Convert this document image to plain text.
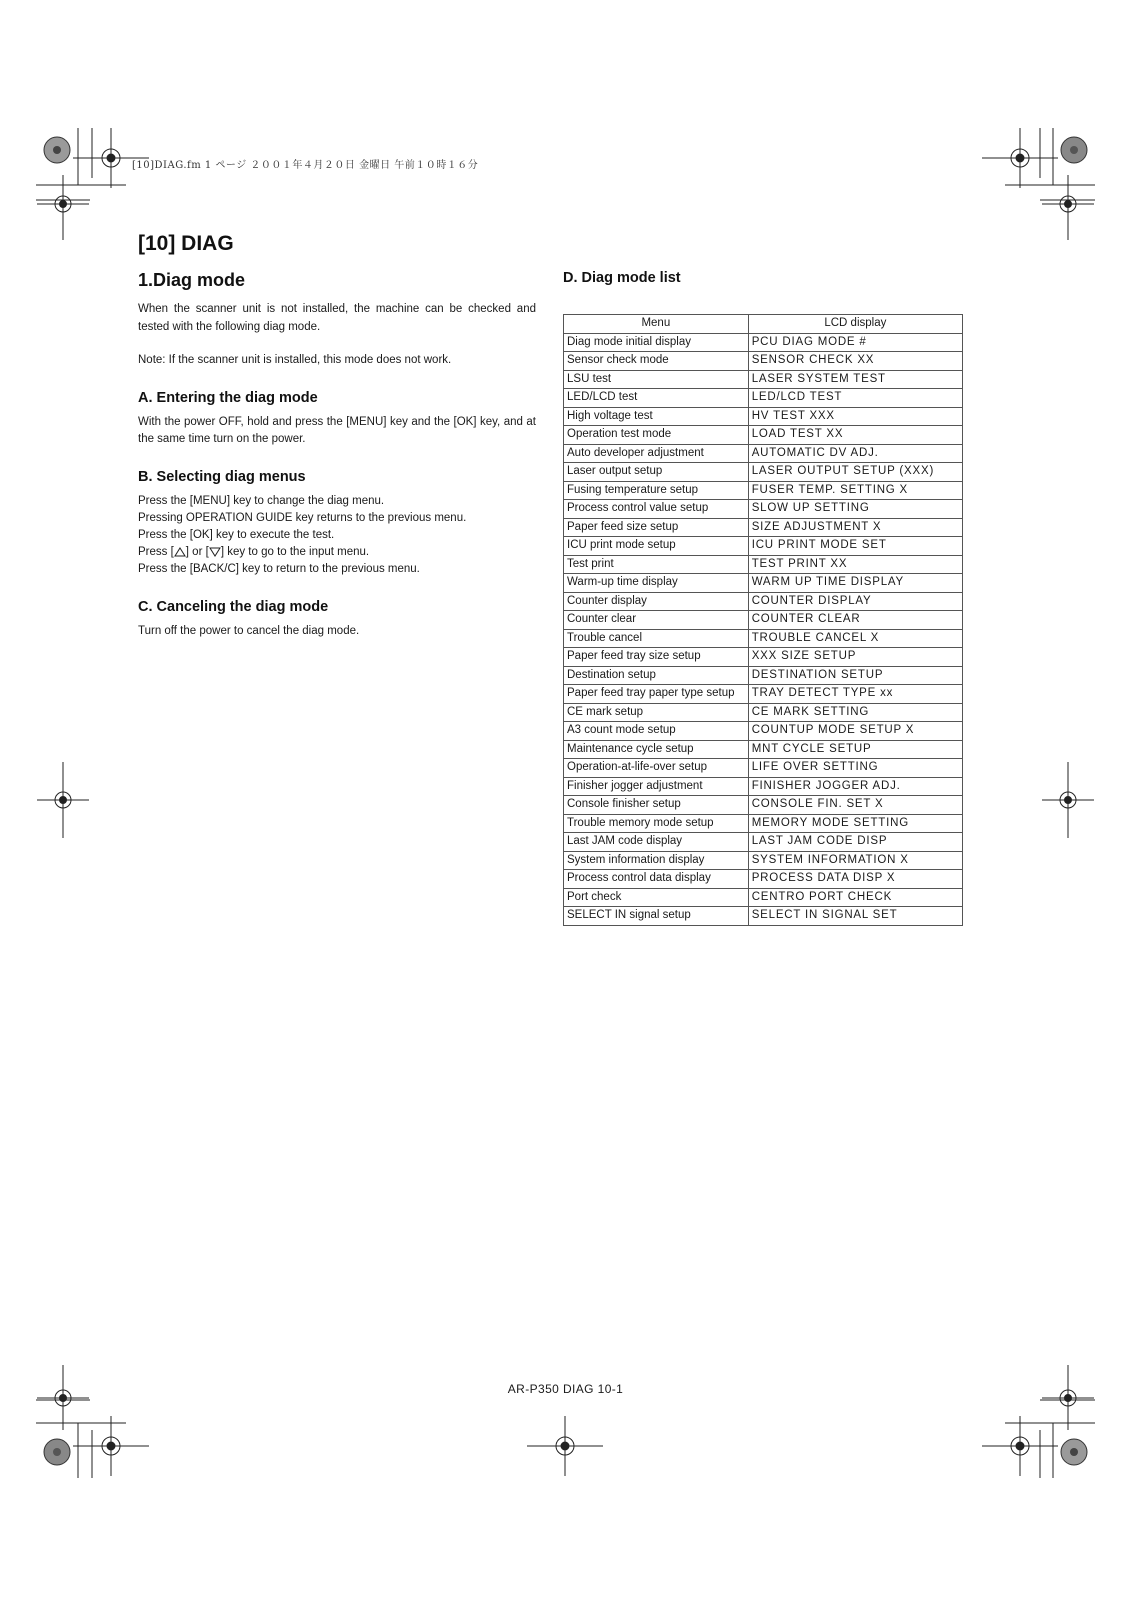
[10]DIAG.fm 1 ページ ２００１年４月２０日 金曜日 午前１０時１６分
[10] DIAG
1.Diag mode

When the scanner unit is not installed, the machine can be checked and tested with the following diag mode.

Note: If the scanner unit is installed, this mode does not work.

A. Entering the diag mode

With the power OFF, hold and press the [MENU] key and the [OK] key, and at the same time turn on the power.

B. Selecting diag menus
Press the [MENU] key to change the diag menu.
Pressing OPERATION GUIDE key returns to the previous menu.
Press the [OK] key to execute the test.
Press [ ] or [ ] key to go to the input menu.
Press the [BACK/C] key to return to the previous menu.
C. Canceling the diag mode

Turn off the power to cancel the diag mode.

D. Diag mode list
Menu	LCD display
Diag mode initial display	PCU DIAG MODE #
Sensor check mode	SENSOR CHECK XX
LSU test	LASER SYSTEM TEST
LED/LCD test	LED/LCD TEST
High voltage test	HV TEST XXX
Operation test mode	LOAD TEST XX
Auto developer adjustment	AUTOMATIC DV ADJ.
Laser output setup	LASER OUTPUT SETUP (XXX)
Fusing temperature setup	FUSER TEMP. SETTING X
Process control value setup	SLOW UP SETTING
Paper feed size setup	SIZE ADJUSTMENT X
ICU print mode setup	ICU PRINT MODE SET
Test print	TEST PRINT XX
Warm-up time display	WARM UP TIME DISPLAY
Counter display	COUNTER DISPLAY
Counter clear	COUNTER CLEAR
Trouble cancel	TROUBLE CANCEL X
Paper feed tray size setup	XXX SIZE SETUP
Destination setup	DESTINATION SETUP
Paper feed tray paper type setup	TRAY DETECT TYPE xx
CE mark setup	CE MARK SETTING
A3 count mode setup	COUNTUP MODE SETUP X
Maintenance cycle setup	MNT CYCLE SETUP
Operation-at-life-over setup	LIFE OVER SETTING
Finisher jogger adjustment	FINISHER JOGGER ADJ.
Console finisher setup	CONSOLE FIN. SET X
Trouble memory mode setup	MEMORY MODE SETTING
Last JAM code display	LAST JAM CODE DISP
System information display	SYSTEM INFORMATION X
Process control data display	PROCESS DATA DISP X
Port check	CENTRO PORT CHECK
SELECT IN signal setup	SELECT IN SIGNAL SET
AR-P350 DIAG 10-1
